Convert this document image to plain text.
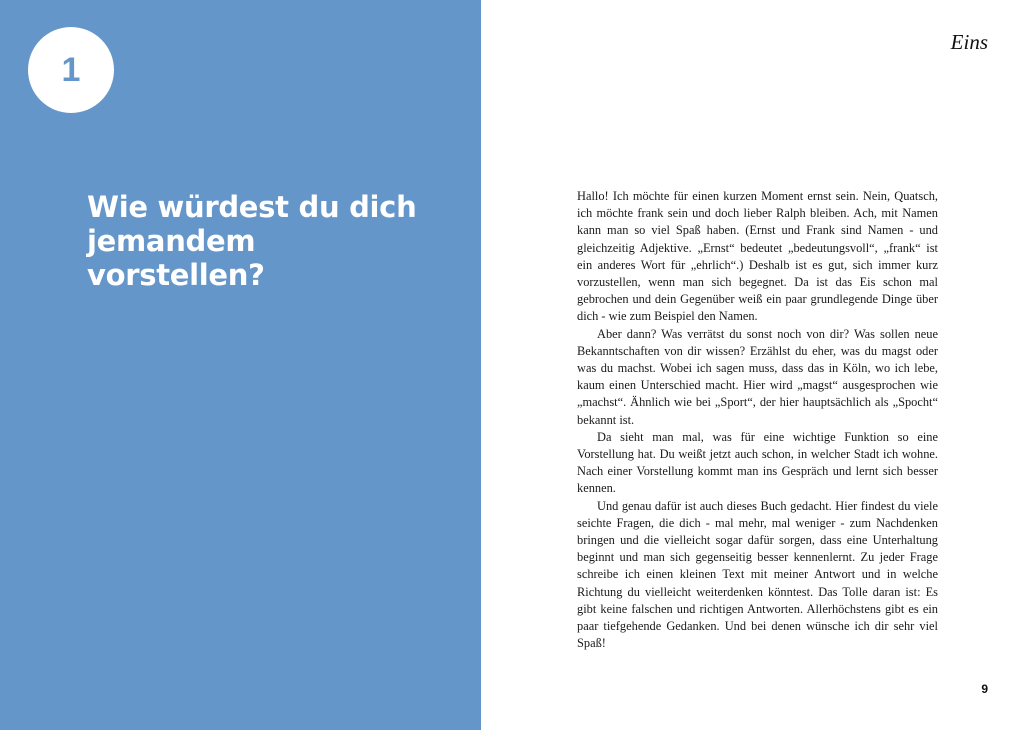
1
Wie würdest du dich jemandem vorstellen?
Eins

Hallo! Ich möchte für einen kurzen Moment ernst sein. Nein, Quatsch, ich möchte frank sein und doch lieber Ralph bleiben. Ach, mit Namen kann man so viel Spaß haben. (Ernst und Frank sind Namen - und gleichzeitig Adjektive. „Ernst“ bedeutet „bedeutungsvoll“, „frank“ ist ein anderes Wort für „ehrlich“.) Deshalb ist es gut, sich immer kurz vorzustellen, wenn man sich begegnet. Da ist das Eis schon mal gebrochen und dein Gegenüber weiß ein paar grundlegende Dinge über dich - wie zum Beispiel den Namen.

Aber dann? Was verrätst du sonst noch von dir? Was sollen neue Bekanntschaften von dir wissen? Erzählst du eher, was du magst oder was du machst. Wobei ich sagen muss, dass das in Köln, wo ich lebe, kaum einen Unterschied macht. Hier wird „magst“ ausgesprochen wie „machst“. Ähnlich wie bei „Sport“, der hier hauptsächlich als „Spocht“ bekannt ist.

Da sieht man mal, was für eine wichtige Funktion so eine Vorstellung hat. Du weißt jetzt auch schon, in welcher Stadt ich wohne. Nach einer Vorstellung kommt man ins Gespräch und lernt sich besser kennen.

Und genau dafür ist auch dieses Buch gedacht. Hier findest du viele seichte Fragen, die dich - mal mehr, mal weniger - zum Nachdenken bringen und die vielleicht sogar dafür sorgen, dass eine Unterhaltung beginnt und man sich gegenseitig besser kennenlernt. Zu jeder Frage schreibe ich einen kleinen Text mit meiner Antwort und in welche Richtung du vielleicht weiterdenken könntest. Das Tolle daran ist: Es gibt keine falschen und richtigen Antworten. Allerhöchstens gibt es ein paar tiefgehende Gedanken. Und bei denen wünsche ich dir sehr viel Spaß!

9
